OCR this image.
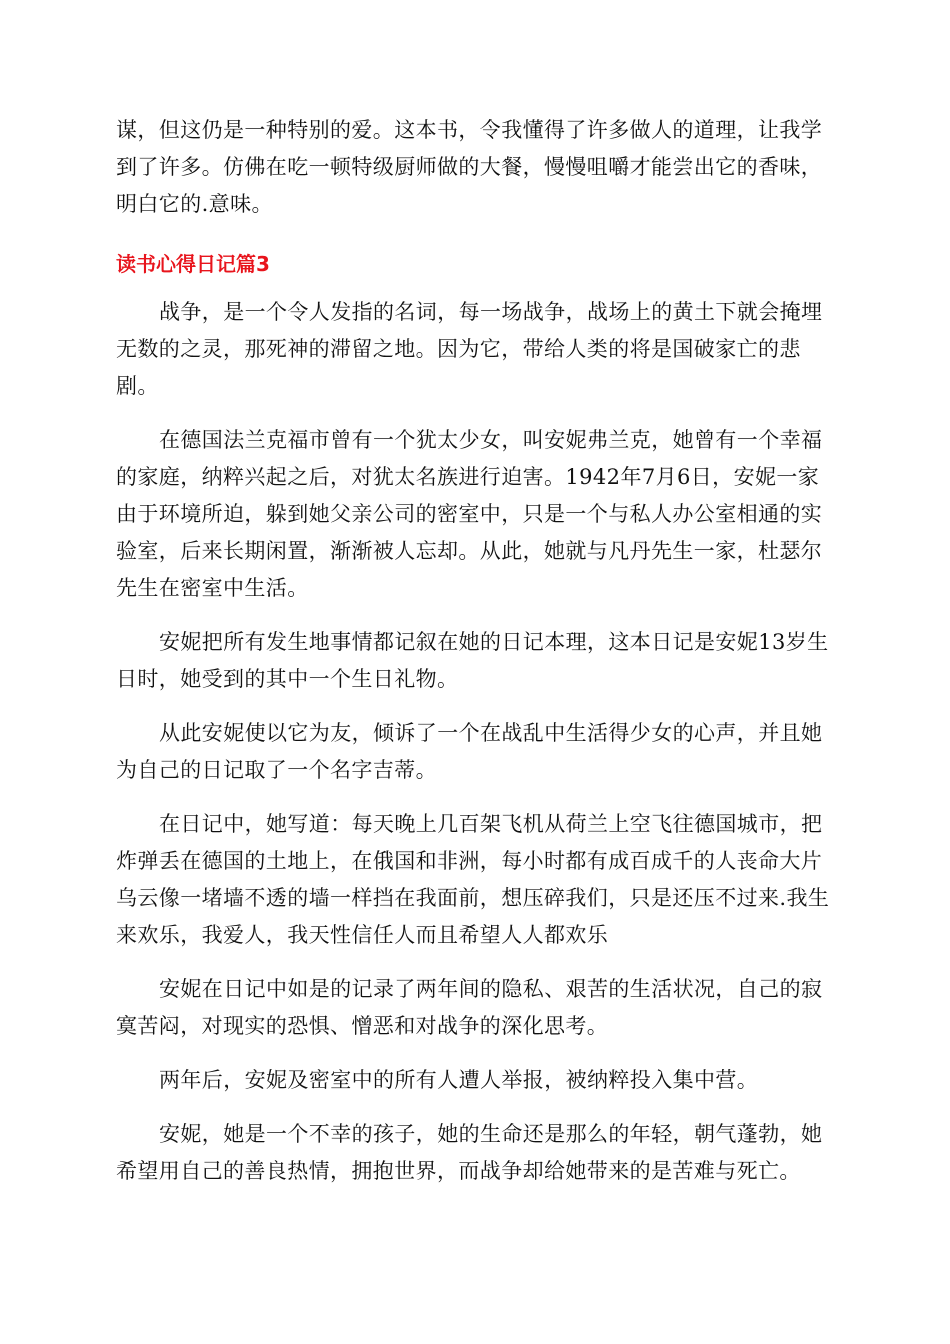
谋，但这仍是一种特别的爱。这本书，令我懂得了许多做人的道理，让我学到了许多。仿佛在吃一顿特级厨师做的大餐，慢慢咀嚼才能尝出它的香味，明白它的.意味。

读书心得日记篇3

战争，是一个令人发指的名词，每一场战争，战场上的黄土下就会掩埋无数的之灵，那死神的滞留之地。因为它，带给人类的将是国破家亡的悲剧。

在德国法兰克福市曾有一个犹太少女，叫安妮弗兰克，她曾有一个幸福的家庭，纳粹兴起之后，对犹太名族进行迫害。1942年7月6日，安妮一家由于环境所迫，躲到她父亲公司的密室中，只是一个与私人办公室相通的实验室，后来长期闲置，渐渐被人忘却。从此，她就与凡丹先生一家，杜瑟尔先生在密室中生活。

安妮把所有发生地事情都记叙在她的日记本理，这本日记是安妮13岁生日时，她受到的其中一个生日礼物。

从此安妮使以它为友，倾诉了一个在战乱中生活得少女的心声，并且她为自己的日记取了一个名字吉蒂。

在日记中，她写道：每天晚上几百架飞机从荷兰上空飞往德国城市，把炸弹丢在德国的土地上，在俄国和非洲，每小时都有成百成千的人丧命大片乌云像一堵墙不透的墙一样挡在我面前，想压碎我们，只是还压不过来.我生来欢乐，我爱人，我天性信任人而且希望人人都欢乐

安妮在日记中如是的记录了两年间的隐私、艰苦的生活状况，自己的寂寞苦闷，对现实的恐惧、憎恶和对战争的深化思考。

两年后，安妮及密室中的所有人遭人举报，被纳粹投入集中营。

安妮，她是一个不幸的孩子，她的生命还是那么的年轻，朝气蓬勃，她希望用自己的善良热情，拥抱世界，而战争却给她带来的是苦难与死亡。
